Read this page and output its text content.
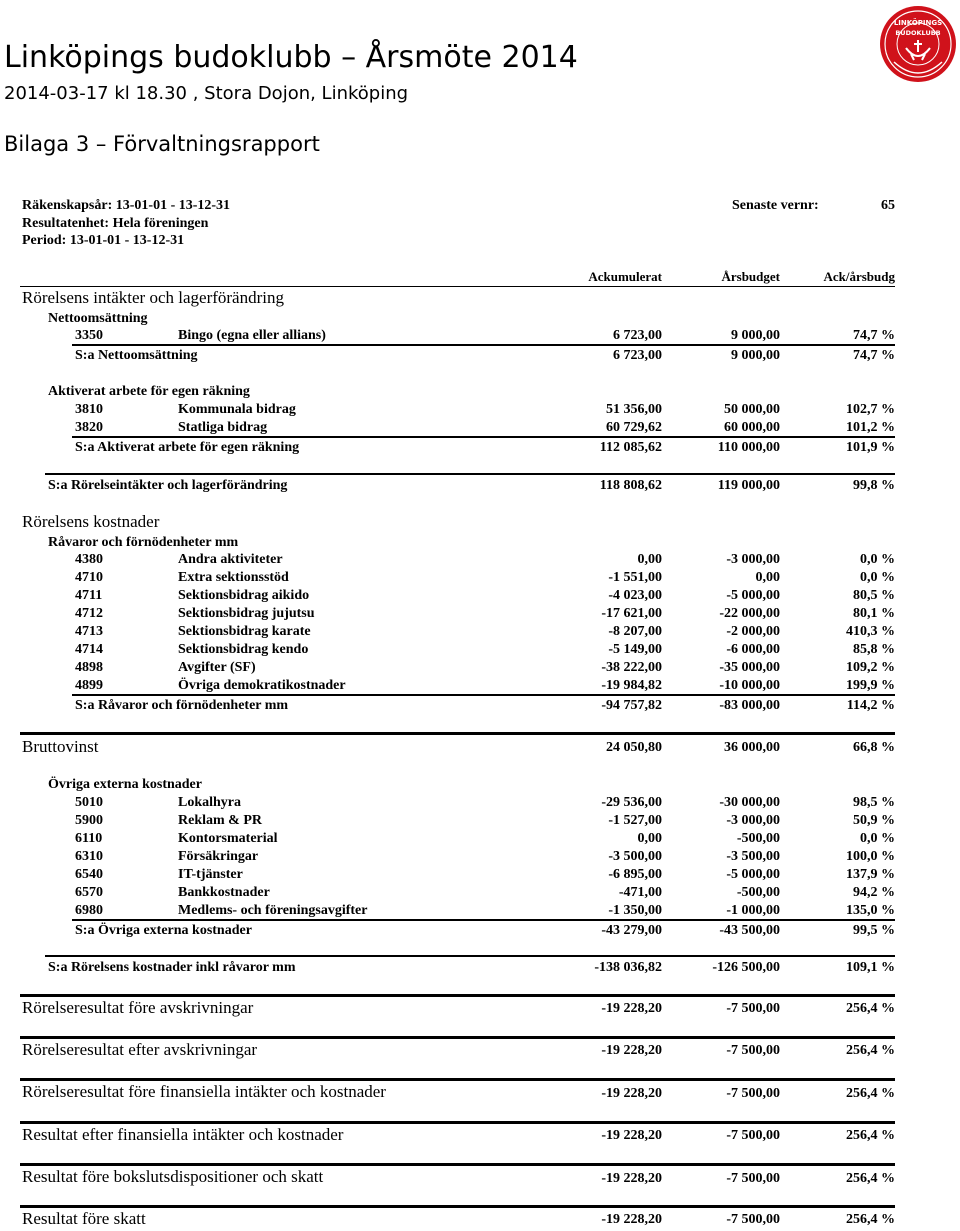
Linköpings budoklubb – Årsmöte 2014
2014-03-17 kl 18.30 , Stora Dojon, Linköping
Bilaga 3 – Förvaltningsrapport
LINKÖPINGS
BUDOKLUBB
Räkenskapsår: 13-01-01 - 13-12-31
Resultatenhet: Hela föreningen
Period: 13-01-01 - 13-12-31
Senaste vernr:	65
Ackumulerat	Årsbudget	Ack/årsbudg
Rörelsens intäkter och lagerförändring
Nettoomsättning
3350	Bingo (egna eller allians)	6 723,00	9 000,00	74,7 %
S:a Nettoomsättning	6 723,00	9 000,00	74,7 %
Aktiverat arbete för egen räkning
3810	Kommunala bidrag	51 356,00	50 000,00	102,7 %
3820	Statliga bidrag	60 729,62	60 000,00	101,2 %
S:a Aktiverat arbete för egen räkning	112 085,62	110 000,00	101,9 %
S:a Rörelseintäkter och lagerförändring	118 808,62	119 000,00	99,8 %
Rörelsens kostnader
Råvaror och förnödenheter mm
4380	Andra aktiviteter	0,00	-3 000,00	0,0 %
4710	Extra sektionsstöd	-1 551,00	0,00	0,0 %
4711	Sektionsbidrag aikido	-4 023,00	-5 000,00	80,5 %
4712	Sektionsbidrag jujutsu	-17 621,00	-22 000,00	80,1 %
4713	Sektionsbidrag karate	-8 207,00	-2 000,00	410,3 %
4714	Sektionsbidrag kendo	-5 149,00	-6 000,00	85,8 %
4898	Avgifter (SF)	-38 222,00	-35 000,00	109,2 %
4899	Övriga demokratikostnader	-19 984,82	-10 000,00	199,9 %
S:a Råvaror och förnödenheter mm	-94 757,82	-83 000,00	114,2 %
Bruttovinst	24 050,80	36 000,00	66,8 %
Övriga externa kostnader
5010	Lokalhyra	-29 536,00	-30 000,00	98,5 %
5900	Reklam & PR	-1 527,00	-3 000,00	50,9 %
6110	Kontorsmaterial	0,00	-500,00	0,0 %
6310	Försäkringar	-3 500,00	-3 500,00	100,0 %
6540	IT-tjänster	-6 895,00	-5 000,00	137,9 %
6570	Bankkostnader	-471,00	-500,00	94,2 %
6980	Medlems- och föreningsavgifter	-1 350,00	-1 000,00	135,0 %
S:a Övriga externa kostnader	-43 279,00	-43 500,00	99,5 %
S:a Rörelsens kostnader inkl råvaror mm	-138 036,82	-126 500,00	109,1 %
Rörelseresultat före avskrivningar	-19 228,20	-7 500,00	256,4 %
Rörelseresultat efter avskrivningar	-19 228,20	-7 500,00	256,4 %
Rörelseresultat före finansiella intäkter och kostnader	-19 228,20	-7 500,00	256,4 %
Resultat efter finansiella intäkter och kostnader	-19 228,20	-7 500,00	256,4 %
Resultat före bokslutsdispositioner och skatt	-19 228,20	-7 500,00	256,4 %
Resultat före skatt	-19 228,20	-7 500,00	256,4 %
